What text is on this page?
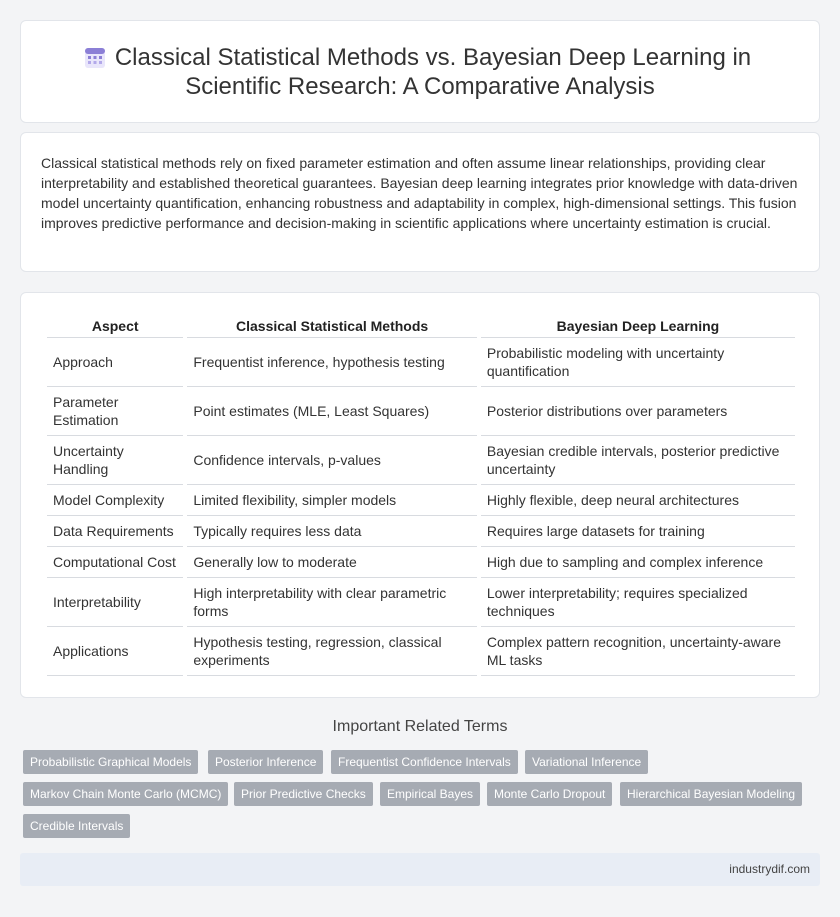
Classical Statistical Methods vs. Bayesian Deep Learning in Scientific Research: A Comparative Analysis

Classical statistical methods rely on fixed parameter estimation and often assume linear relationships, providing clear interpretability and established theoretical guarantees. Bayesian deep learning integrates prior knowledge with data-driven model uncertainty quantification, enhancing robustness and adaptability in complex, high-dimensional settings. This fusion improves predictive performance and decision-making in scientific applications where uncertainty estimation is crucial.

Aspect	Classical Statistical Methods	Bayesian Deep Learning
Approach	Frequentist inference, hypothesis testing	Probabilistic modeling with uncertainty quantification
Parameter Estimation	Point estimates (MLE, Least Squares)	Posterior distributions over parameters
Uncertainty Handling	Confidence intervals, p-values	Bayesian credible intervals, posterior predictive uncertainty
Model Complexity	Limited flexibility, simpler models	Highly flexible, deep neural architectures
Data Requirements	Typically requires less data	Requires large datasets for training
Computational Cost	Generally low to moderate	High due to sampling and complex inference
Interpretability	High interpretability with clear parametric forms	Lower interpretability; requires specialized techniques
Applications	Hypothesis testing, regression, classical experiments	Complex pattern recognition, uncertainty-aware ML tasks
Important Related Terms
Probabilistic Graphical Models	Posterior Inference	Frequentist Confidence Intervals	Variational Inference
Markov Chain Monte Carlo (MCMC)	Prior Predictive Checks	Empirical Bayes	Monte Carlo Dropout	Hierarchical Bayesian Modeling
Credible Intervals
industrydif.com
